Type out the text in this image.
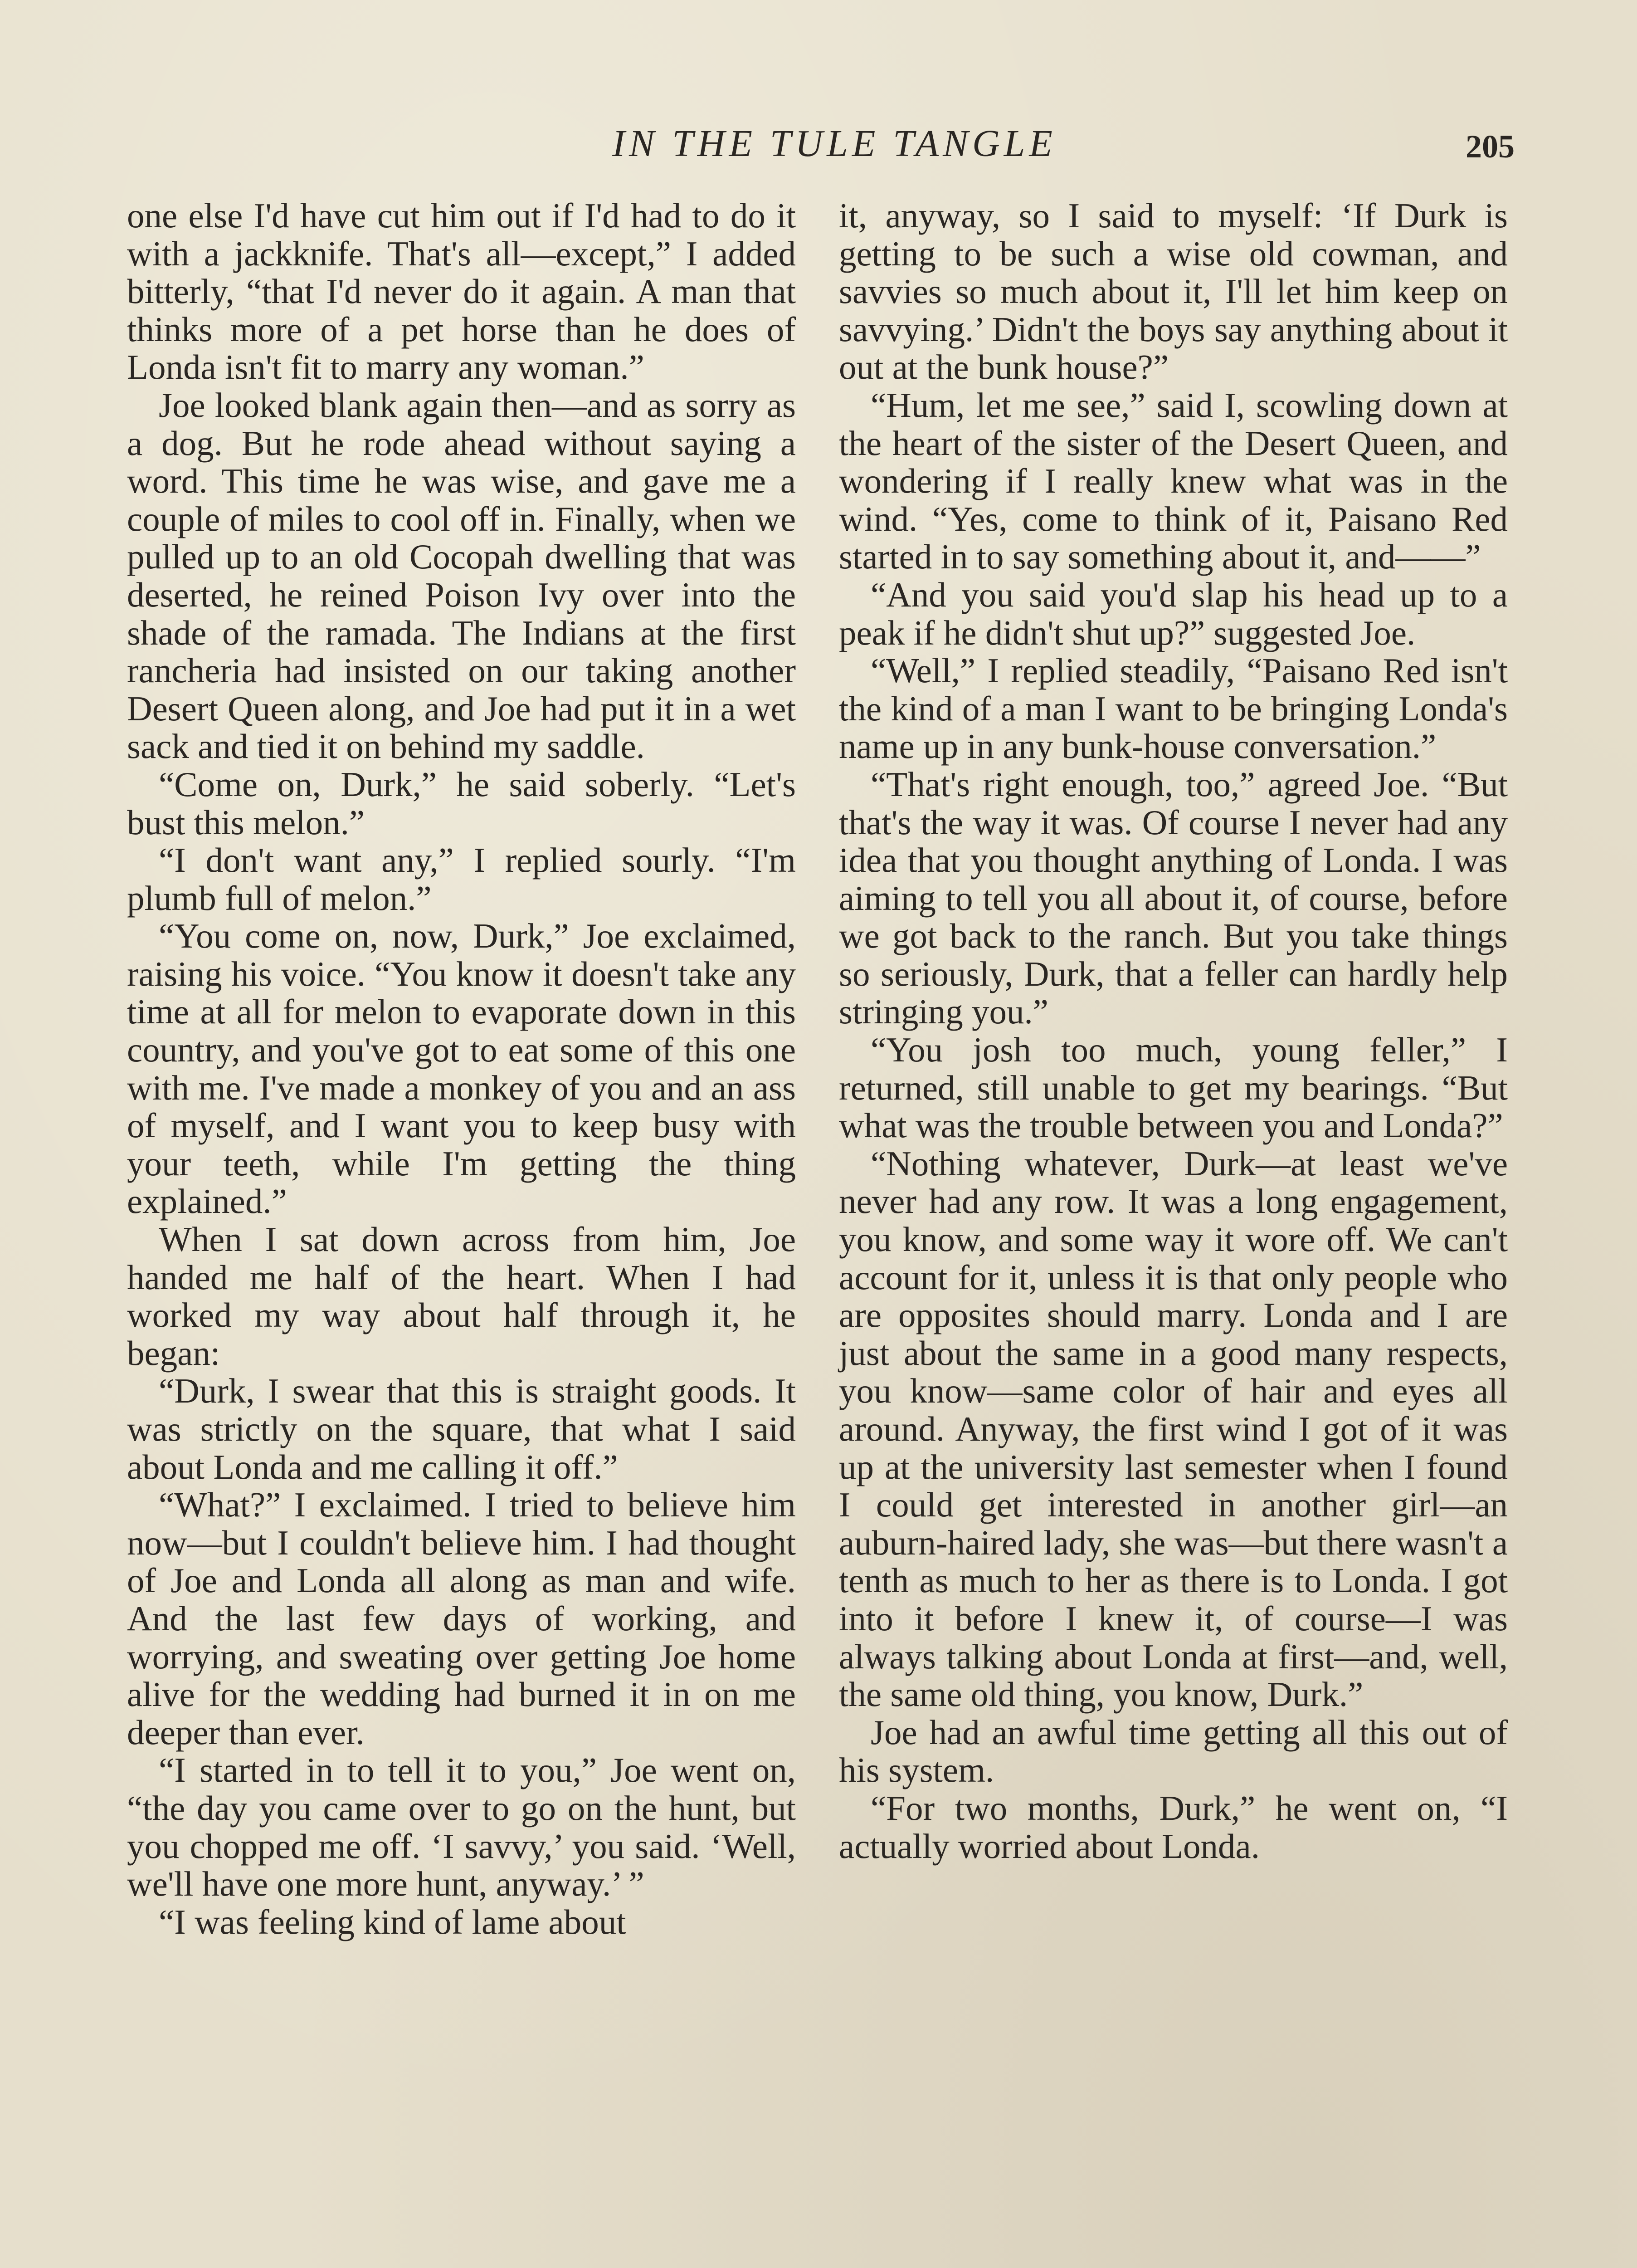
IN THE TULE TANGLE	205

one else I'd have cut him out if I'd had to do it with a jackknife. That's all—except,” I added bitterly, “that I'd never do it again. A man that thinks more of a pet horse than he does of Londa isn't fit to marry any woman.”

Joe looked blank again then—and as sorry as a dog. But he rode ahead without saying a word. This time he was wise, and gave me a couple of miles to cool off in. Finally, when we pulled up to an old Cocopah dwelling that was deserted, he reined Poison Ivy over into the shade of the ramada. The Indians at the first rancheria had insisted on our taking another Desert Queen along, and Joe had put it in a wet sack and tied it on behind my saddle.

“Come on, Durk,” he said soberly. “Let's bust this melon.”

“I don't want any,” I replied sourly. “I'm plumb full of melon.”

“You come on, now, Durk,” Joe exclaimed, raising his voice. “You know it doesn't take any time at all for melon to evaporate down in this country, and you've got to eat some of this one with me. I've made a monkey of you and an ass of myself, and I want you to keep busy with your teeth, while I'm getting the thing explained.”

When I sat down across from him, Joe handed me half of the heart. When I had worked my way about half through it, he began:

“Durk, I swear that this is straight goods. It was strictly on the square, that what I said about Londa and me calling it off.”

“What?” I exclaimed. I tried to believe him now—but I couldn't believe him. I had thought of Joe and Londa all along as man and wife. And the last few days of working, and worrying, and sweating over getting Joe home alive for the wedding had burned it in on me deeper than ever.

“I started in to tell it to you,” Joe went on, “the day you came over to go on the hunt, but you chopped me off. ‘I savvy,’ you said. ‘Well, we'll have one more hunt, anyway.’ ”

“I was feeling kind of lame about

it, anyway, so I said to myself: ‘If Durk is getting to be such a wise old cowman, and savvies so much about it, I'll let him keep on savvying.’ Didn't the boys say anything about it out at the bunk house?”

“Hum, let me see,” said I, scowling down at the heart of the sister of the Desert Queen, and wondering if I really knew what was in the wind. “Yes, come to think of it, Paisano Red started in to say something about it, and——”

“And you said you'd slap his head up to a peak if he didn't shut up?” suggested Joe.

“Well,” I replied steadily, “Paisano Red isn't the kind of a man I want to be bringing Londa's name up in any bunk-house conversation.”

“That's right enough, too,” agreed Joe. “But that's the way it was. Of course I never had any idea that you thought anything of Londa. I was aiming to tell you all about it, of course, before we got back to the ranch. But you take things so seriously, Durk, that a feller can hardly help stringing you.”

“You josh too much, young feller,” I returned, still unable to get my bearings. “But what was the trouble between you and Londa?”

“Nothing whatever, Durk—at least we've never had any row. It was a long engagement, you know, and some way it wore off. We can't account for it, unless it is that only people who are opposites should marry. Londa and I are just about the same in a good many respects, you know—same color of hair and eyes all around. Anyway, the first wind I got of it was up at the university last semester when I found I could get interested in another girl—an auburn-haired lady, she was—but there wasn't a tenth as much to her as there is to Londa. I got into it before I knew it, of course—I was always talking about Londa at first—and, well, the same old thing, you know, Durk.”

Joe had an awful time getting all this out of his system.

“For two months, Durk,” he went on, “I actually worried about Londa.
